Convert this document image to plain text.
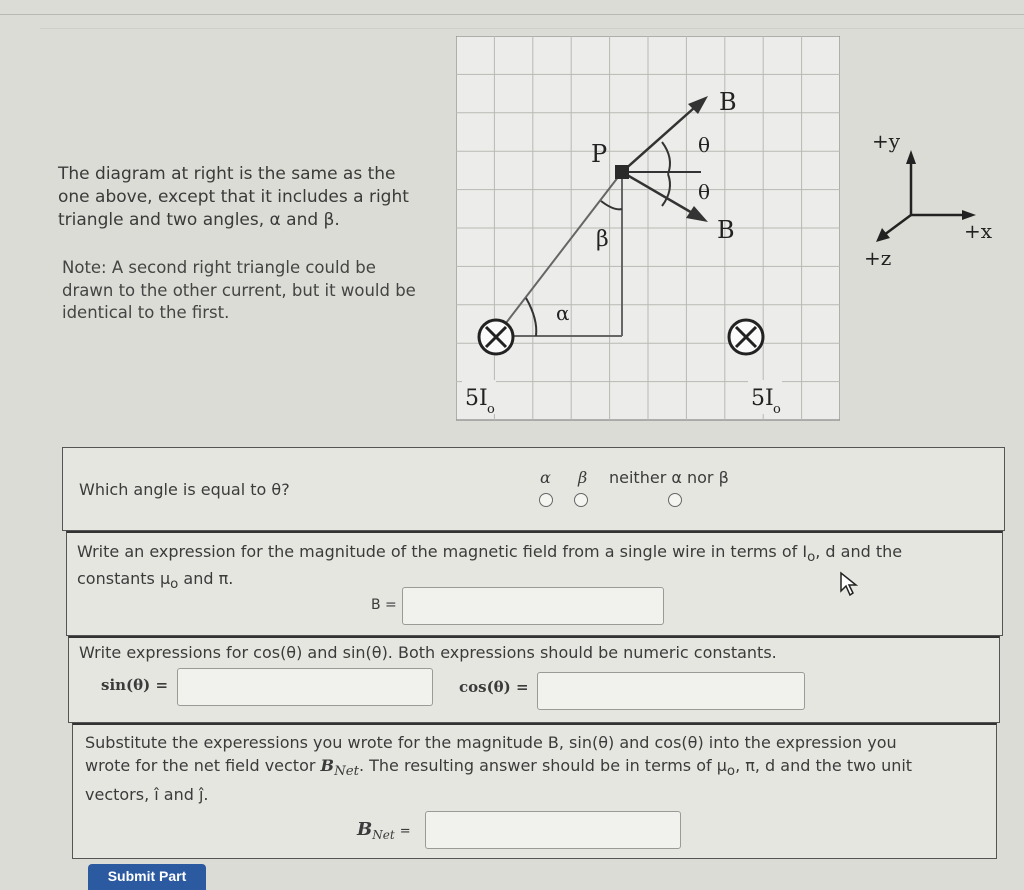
The diagram at right is the same as the one above, except that it includes a right triangle and two angles, α and β.
Note: A second right triangle could be drawn to the other current, but it would be identical to the first.
B
B
P	θ
θ
β
α
5I o	5I o
+y
+x
+z
Which angle is equal to θ?
α β neither α nor β
Write an expression for the magnitude of the magnetic field from a single wire in terms of $I_o$, d and the
constants $\mu_o$ and π.
B =
Write expressions for cos(θ) and sin(θ). Both expressions should be numeric constants.
sin(θ) =	cos(θ) =
Substitute the experessions you wrote for the magnitude B, sin(θ) and cos(θ) into the expression you
wrote for the net field vector $B_{Net}$. The resulting answer should be in terms of $\mu_o$, π, d and the two unit
vectors, î and ĵ.
$B_{Net}$ =
Submit Part
